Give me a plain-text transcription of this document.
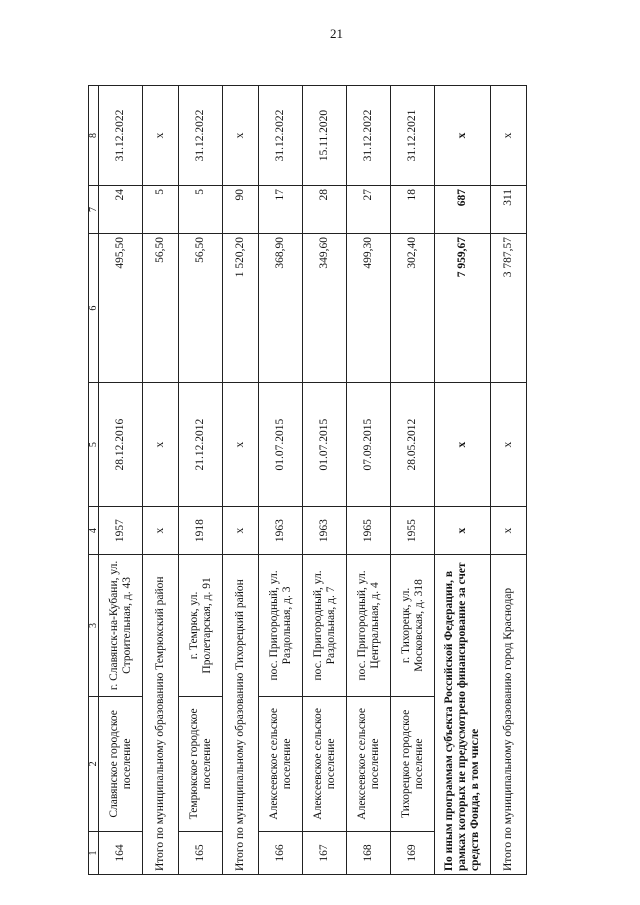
21
1	2	3	4	5	6	7	8
164	Славянское городское поселение	г. Славянск-на-Кубани, ул. Строительная, д. 43	1957	28.12.2016	495,50	24	31.12.2022
Итого по муниципальному образованию Темрюкский район			x	x	56,50	5	x
165	Темрюкское городское поселение	г. Темрюк, ул. Пролетарская, д. 91	1918	21.12.2012	56,50	5	31.12.2022
Итого по муниципальному образованию Тихорецкий район			x	x	1 520,20	90	x
166	Алексеевское сельское поселение	пос. Пригородный, ул. Раздольная, д. 3	1963	01.07.2015	368,90	17	31.12.2022
167	Алексеевское сельское поселение	пос. Пригородный, ул. Раздольная, д. 7	1963	01.07.2015	349,60	28	15.11.2020
168	Алексеевское сельское поселение	пос. Пригородный, ул. Центральная, д. 4	1965	07.09.2015	499,30	27	31.12.2022
169	Тихорецкое городское поселение	г. Тихорецк, ул. Московская, д. 318	1955	28.05.2012	302,40	18	31.12.2021
По иным программам субъекта Российской Федерации, в рамках которых не предусмотрено финансирование за счет средств Фонда, в том числе			x	x	7 959,67	687	x
Итого по муниципальному образованию город Краснодар			x	x	3 787,57	311	x
